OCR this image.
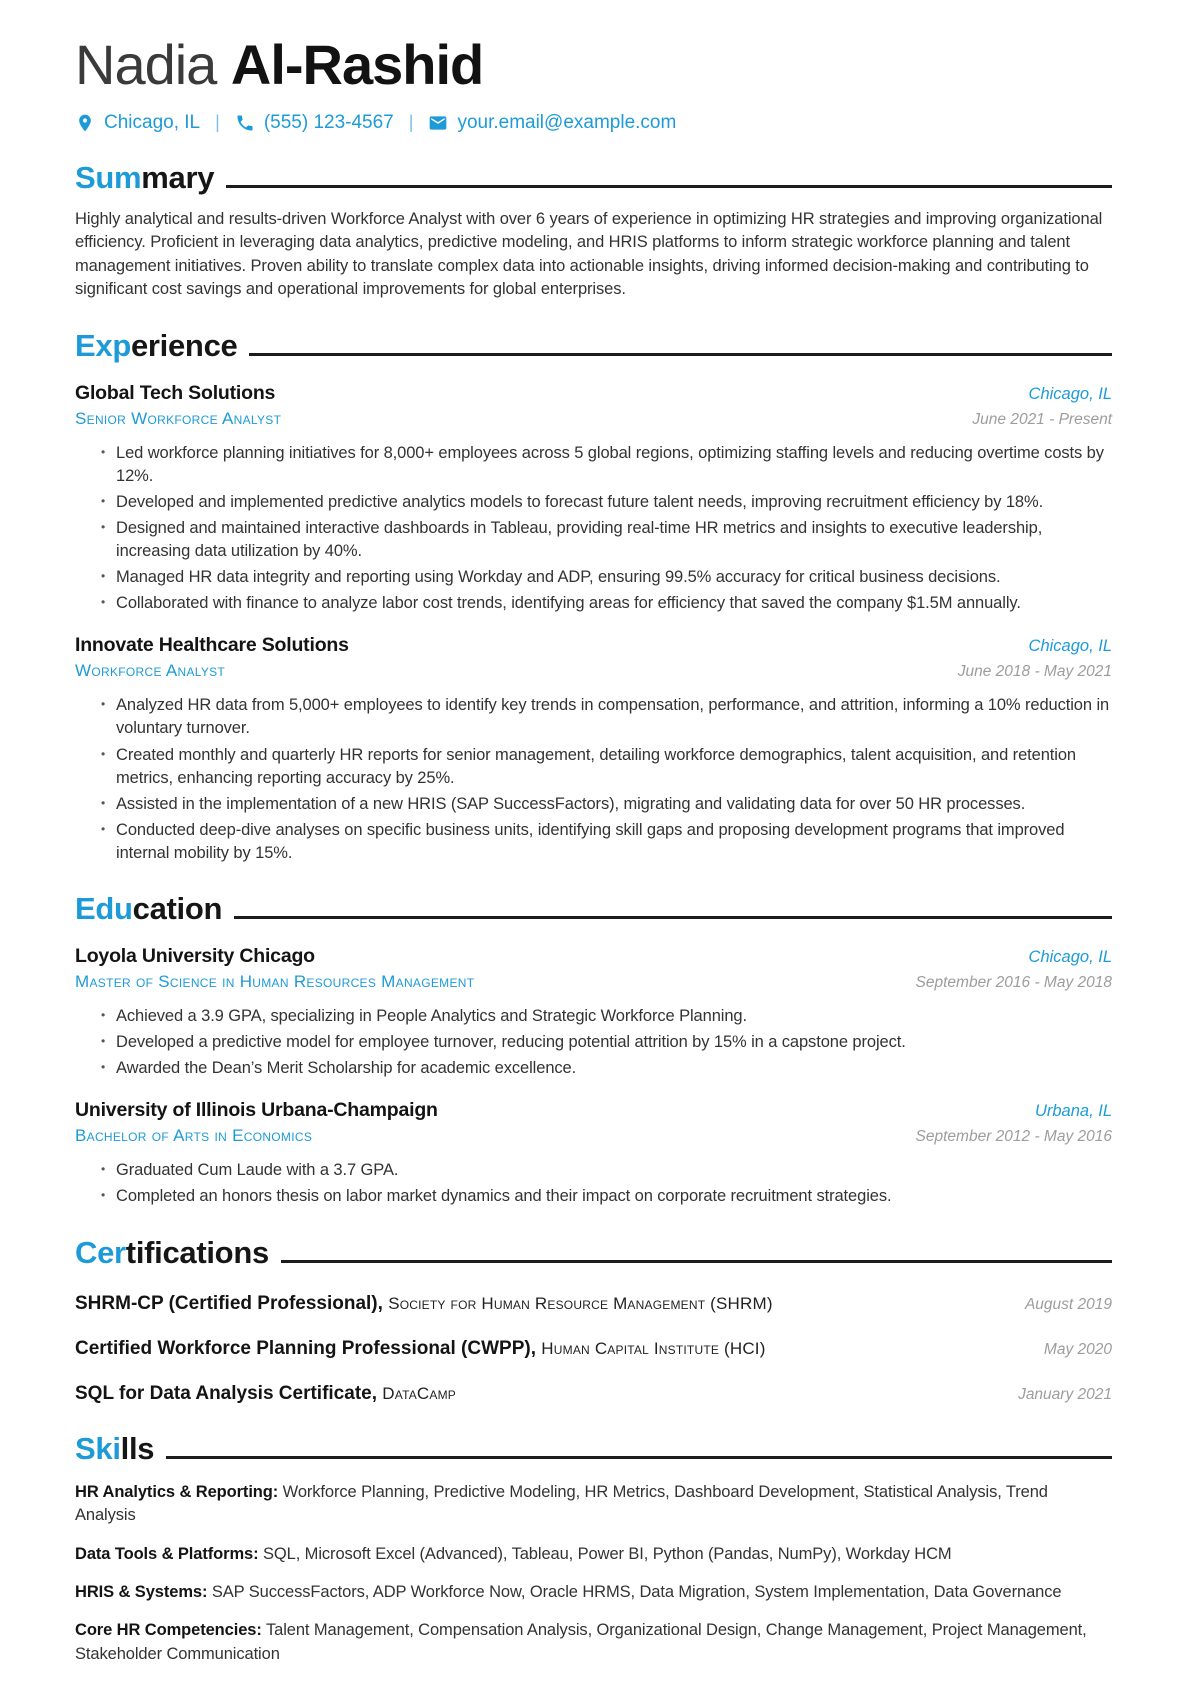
Nadia Al-Rashid
Chicago, IL | (555) 123-4567 | your.email@example.com
Sum mary

Highly analytical and results-driven Workforce Analyst with over 6 years of experience in optimizing HR strategies and improving organizational efficiency. Proficient in leveraging data analytics, predictive modeling, and HRIS platforms to inform strategic workforce planning and talent management initiatives. Proven ability to translate complex data into actionable insights, driving informed decision-making and contributing to significant cost savings and operational improvements for global enterprises.

Exp erience
Global Tech Solutions	Chicago, IL
Senior Workforce Analyst	June 2021 - Present
• Led workforce planning initiatives for 8,000+ employees across 5 global regions, optimizing staffing levels and reducing overtime costs by 12%.
• Developed and implemented predictive analytics models to forecast future talent needs, improving recruitment efficiency by 18%.
• Designed and maintained interactive dashboards in Tableau, providing real-time HR metrics and insights to executive leadership, increasing data utilization by 40%.
• Managed HR data integrity and reporting using Workday and ADP, ensuring 99.5% accuracy for critical business decisions.
• Collaborated with finance to analyze labor cost trends, identifying areas for efficiency that saved the company $1.5M annually.
Innovate Healthcare Solutions	Chicago, IL
Workforce Analyst	June 2018 - May 2021
• Analyzed HR data from 5,000+ employees to identify key trends in compensation, performance, and attrition, informing a 10% reduction in voluntary turnover.
• Created monthly and quarterly HR reports for senior management, detailing workforce demographics, talent acquisition, and retention metrics, enhancing reporting accuracy by 25%.
• Assisted in the implementation of a new HRIS (SAP SuccessFactors), migrating and validating data for over 50 HR processes.
• Conducted deep-dive analyses on specific business units, identifying skill gaps and proposing development programs that improved internal mobility by 15%.
Edu cation
Loyola University Chicago	Chicago, IL
Master of Science in Human Resources Management	September 2016 - May 2018
• Achieved a 3.9 GPA, specializing in People Analytics and Strategic Workforce Planning.
• Developed a predictive model for employee turnover, reducing potential attrition by 15% in a capstone project.
• Awarded the Dean’s Merit Scholarship for academic excellence.
University of Illinois Urbana-Champaign	Urbana, IL
Bachelor of Arts in Economics	September 2012 - May 2016
• Graduated Cum Laude with a 3.7 GPA.
• Completed an honors thesis on labor market dynamics and their impact on corporate recruitment strategies.
Cer tifications

SHRM-CP (Certified Professional) , Society for Human Resource Management (SHRM)	August 2019

Certified Workforce Planning Professional (CWPP) , Human Capital Institute (HCI)	May 2020

SQL for Data Analysis Certificate , DataCamp	January 2021
Ski lls

HR Analytics & Reporting: Workforce Planning, Predictive Modeling, HR Metrics, Dashboard Development, Statistical Analysis, Trend Analysis

Data Tools & Platforms: SQL, Microsoft Excel (Advanced), Tableau, Power BI, Python (Pandas, NumPy), Workday HCM

HRIS & Systems: SAP SuccessFactors, ADP Workforce Now, Oracle HRMS, Data Migration, System Implementation, Data Governance

Core HR Competencies: Talent Management, Compensation Analysis, Organizational Design, Change Management, Project Management, Stakeholder Communication
